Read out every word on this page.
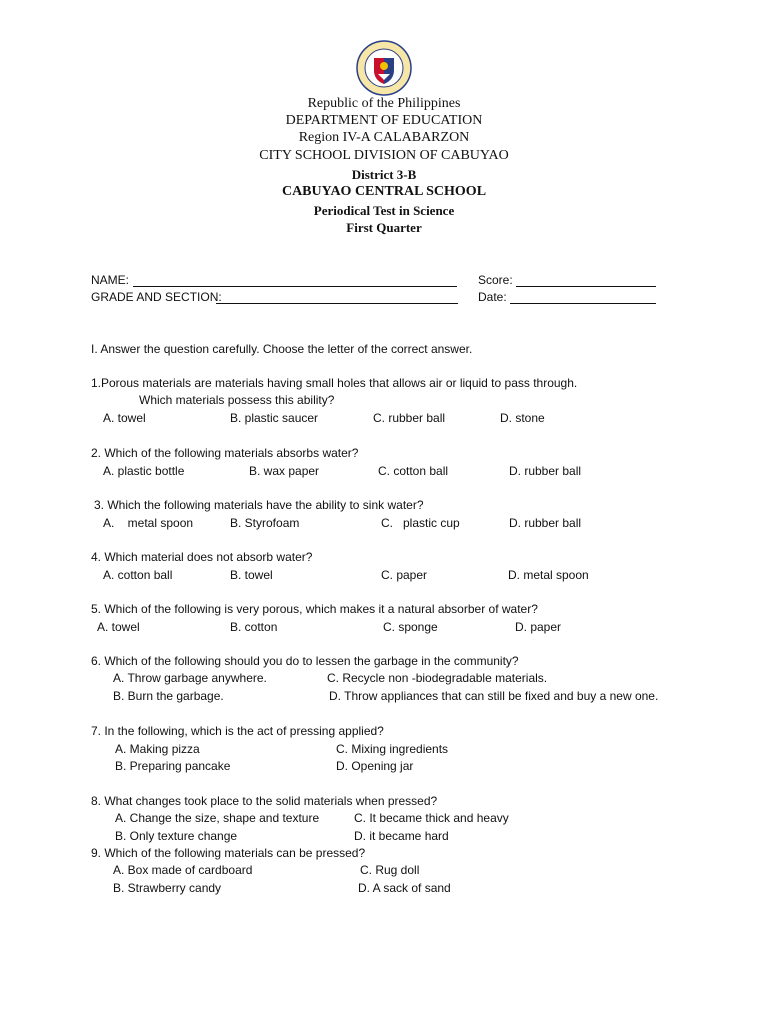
Republic of the Philippines
DEPARTMENT OF EDUCATION
Region IV-A CALABARZON
CITY SCHOOL DIVISION OF CABUYAO
District 3-B
CABUYAO CENTRAL SCHOOL
Periodical Test in Science
First Quarter
NAME:	Score:
GRADE AND SECTION:	Date:
I. Answer the question carefully. Choose the letter of the correct answer.
1.Porous materials are materials having small holes that allows air or liquid to pass through.
Which materials possess this ability?
A. towel	B. plastic saucer	C. rubber ball	D. stone
2. Which of the following materials absorbs water?
A. plastic bottle	B. wax paper	C. cotton ball	D. rubber ball
3. Which the following materials have the ability to sink water?
A.    metal spoon	B. Styrofoam	C.   plastic cup	D. rubber ball
4. Which material does not absorb water?
A. cotton ball	B. towel	C. paper	D. metal spoon
5. Which of the following is very porous, which makes it a natural absorber of water?
A. towel	B. cotton	C. sponge	D. paper
6. Which of the following should you do to lessen the garbage in the community?
A. Throw garbage anywhere.	C. Recycle non -biodegradable materials.
B. Burn the garbage.	D. Throw appliances that can still be fixed and buy a new one.
7. In the following, which is the act of pressing applied?
A. Making pizza	C. Mixing ingredients
B. Preparing pancake	D. Opening jar
8. What changes took place to the solid materials when pressed?
A. Change the size, shape and texture	C. It became thick and heavy
B. Only texture change	D. it became hard
9. Which of the following materials can be pressed?
A. Box made of cardboard	C. Rug doll
B. Strawberry candy	D. A sack of sand
